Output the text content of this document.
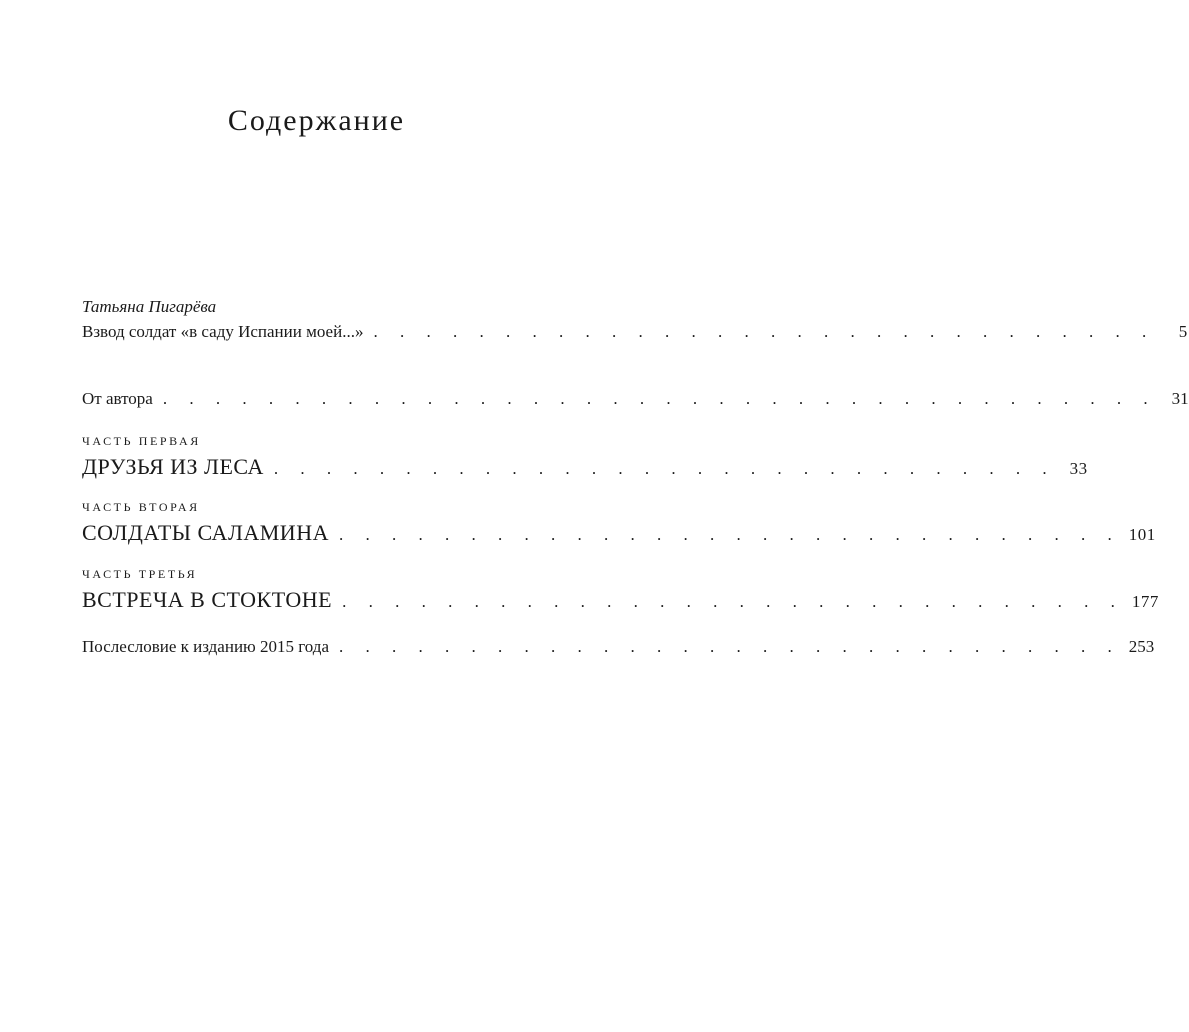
Содержание
Татьяна Пигарёва
Взвод солдат «в саду Испании моей...» . . . . . . . . . . . . . . . . . . . . . . . . . . . . . .	5
От автора . . . . . . . . . . . . . . . . . . . . . . . . . . . . . . . . . . . . . . 31
ЧАСТЬ ПЕРВАЯ
ДРУЗЬЯ ИЗ ЛЕСА . . . . . . . . . . . . . . . . . . . . . . . . . . . . . . 33
ЧАСТЬ ВТОРАЯ
СОЛДАТЫ САЛАМИНА . . . . . . . . . . . . . . . . . . . . . . . . . . . . . . 101
ЧАСТЬ ТРЕТЬЯ
ВСТРЕЧА В СТОКТОНЕ . . . . . . . . . . . . . . . . . . . . . . . . . . . . . . 177
Послесловие к изданию 2015 года . . . . . . . . . . . . . . . . . . . . . . . . . . . . . . 253
